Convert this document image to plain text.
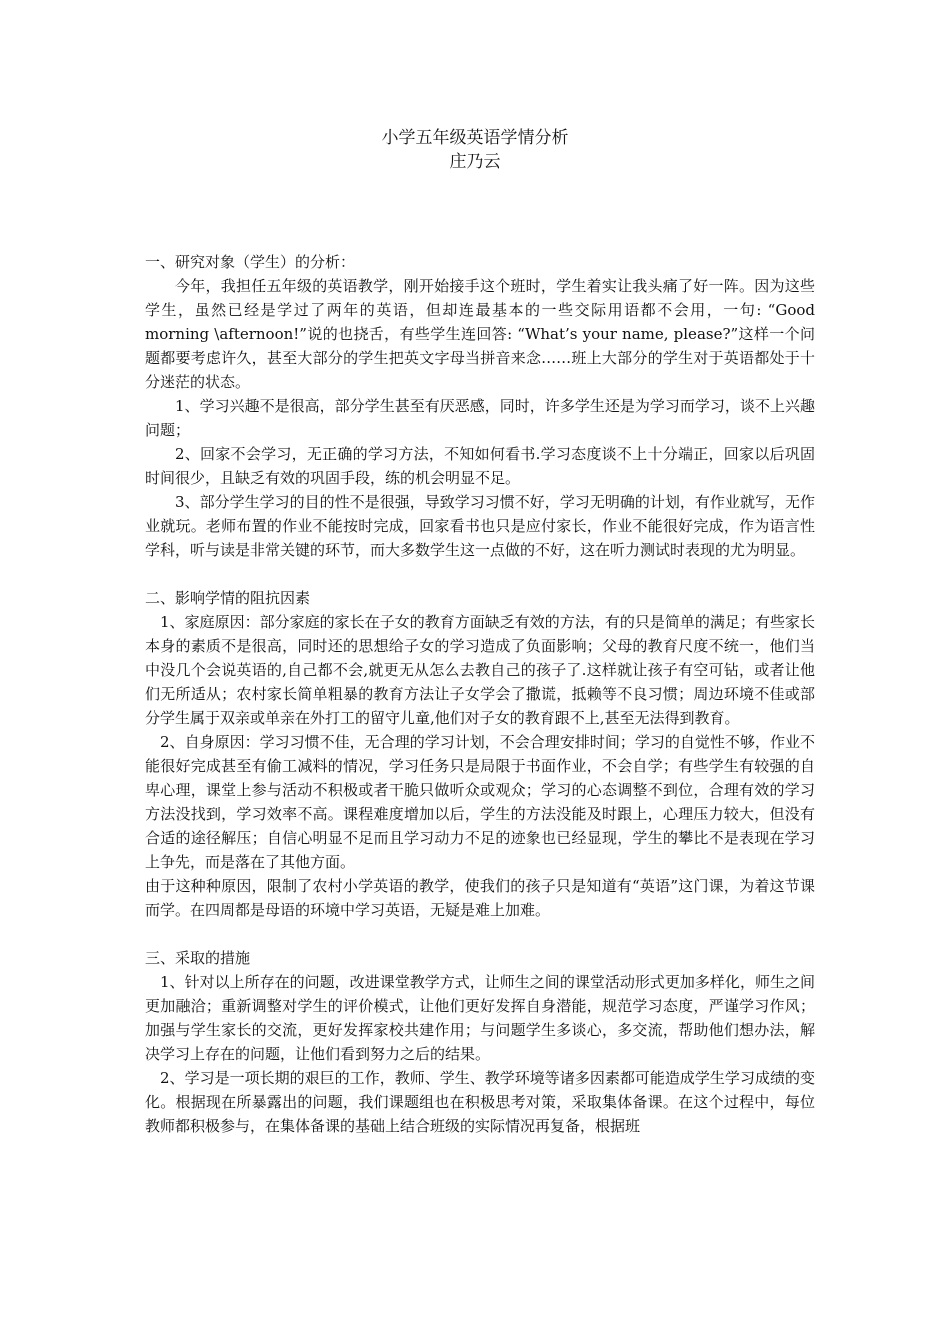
小学五年级英语学情分析
庄乃云

一、研究对象（学生）的分析：

今年，我担任五年级的英语教学，刚开始接手这个班时，学生着实让我头痛了好一阵。因为这些学生，虽然已经是学过了两年的英语，但却连最基本的一些交际用语都不会用，一句: “Good morning \afternoon!”说的也挠舌，有些学生连回答: “What’s your name, please?”这样一个问题都要考虑许久，甚至大部分的学生把英文字母当拼音来念……班上大部分的学生对于英语都处于十分迷茫的状态。

1、学习兴趣不是很高，部分学生甚至有厌恶感，同时，许多学生还是为学习而学习，谈不上兴趣问题；

2、回家不会学习，无正确的学习方法，不知如何看书.学习态度谈不上十分端正，回家以后巩固时间很少，且缺乏有效的巩固手段，练的机会明显不足。

3、部分学生学习的目的性不是很强，导致学习习惯不好，学习无明确的计划，有作业就写，无作业就玩。老师布置的作业不能按时完成，回家看书也只是应付家长，作业不能很好完成，作为语言性学科，听与读是非常关键的环节，而大多数学生这一点做的不好，这在听力测试时表现的尤为明显。

二、影响学情的阻抗因素

1、家庭原因：部分家庭的家长在子女的教育方面缺乏有效的方法，有的只是简单的满足；有些家长本身的素质不是很高，同时还的思想给子女的学习造成了负面影响；父母的教育尺度不统一，他们当中没几个会说英语的,自己都不会,就更无从怎么去教自己的孩子了.这样就让孩子有空可钻，或者让他们无所适从；农村家长简单粗暴的教育方法让子女学会了撒谎，抵赖等不良习惯；周边环境不佳或部分学生属于双亲或单亲在外打工的留守儿童,他们对子女的教育跟不上,甚至无法得到教育。

2、自身原因：学习习惯不佳，无合理的学习计划，不会合理安排时间；学习的自觉性不够，作业不能很好完成甚至有偷工减料的情况，学习任务只是局限于书面作业，不会自学；有些学生有较强的自卑心理，课堂上参与活动不积极或者干脆只做听众或观众；学习的心态调整不到位，合理有效的学习方法没找到，学习效率不高。课程难度增加以后，学生的方法没能及时跟上，心理压力较大，但没有合适的途径解压；自信心明显不足而且学习动力不足的迹象也已经显现，学生的攀比不是表现在学习上争先，而是落在了其他方面。

由于这种种原因，限制了农村小学英语的教学，使我们的孩子只是知道有“英语”这门课，为着这节课而学。在四周都是母语的环境中学习英语，无疑是难上加难。

三、采取的措施

1、针对以上所存在的问题，改进课堂教学方式，让师生之间的课堂活动形式更加多样化，师生之间更加融洽；重新调整对学生的评价模式，让他们更好发挥自身潜能，规范学习态度，严谨学习作风；加强与学生家长的交流，更好发挥家校共建作用；与问题学生多谈心，多交流，帮助他们想办法，解决学习上存在的问题，让他们看到努力之后的结果。

2、学习是一项长期的艰巨的工作，教师、学生、教学环境等诸多因素都可能造成学生学习成绩的变化。根据现在所暴露出的问题，我们课题组也在积极思考对策，采取集体备课。在这个过程中，每位教师都积极参与，在集体备课的基础上结合班级的实际情况再复备，根据班
